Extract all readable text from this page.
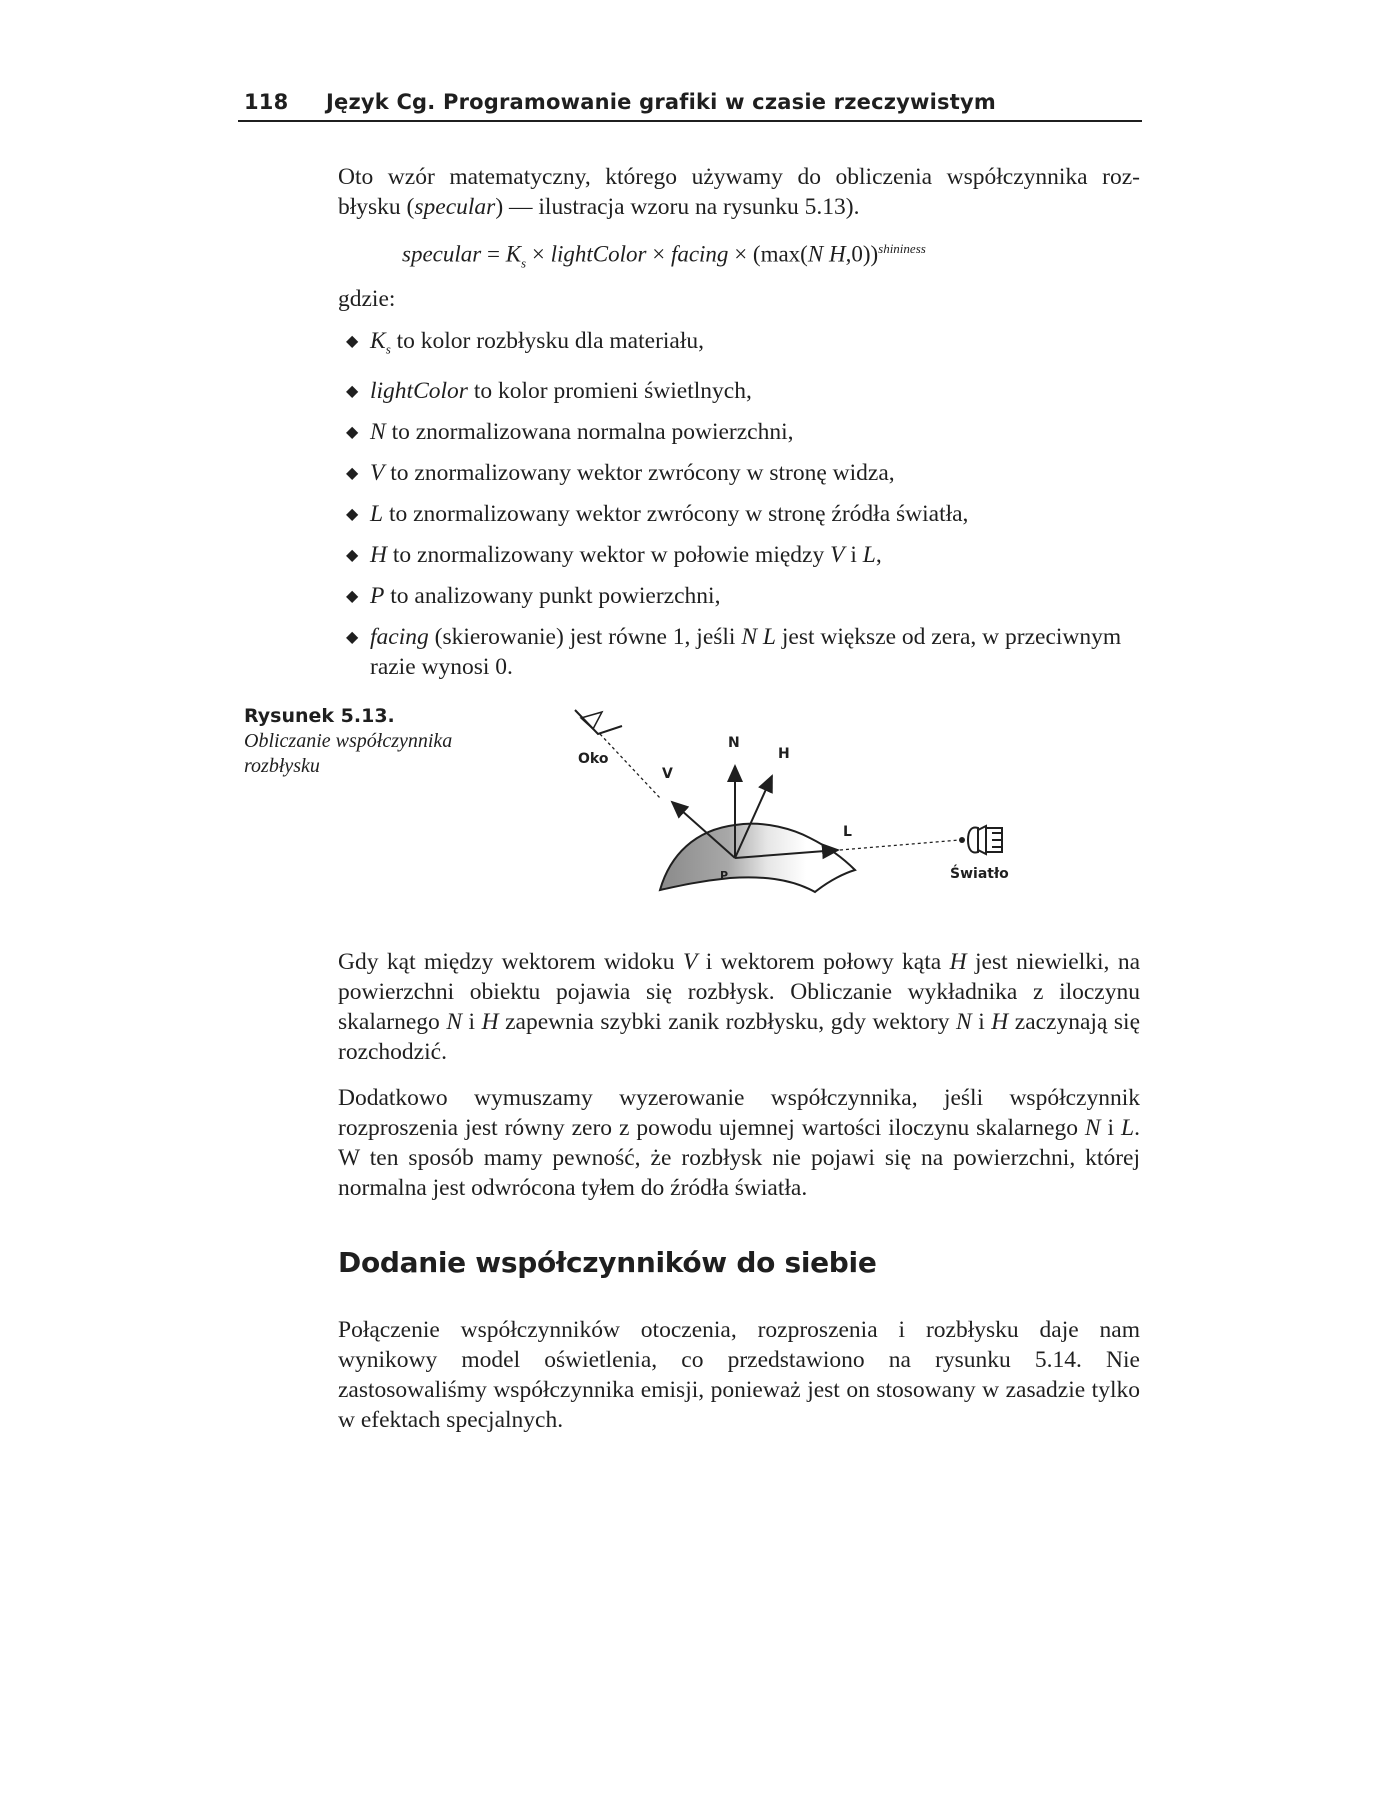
118 Język Cg. Programowanie grafiki w czasie rzeczywistym
Oto wzór matematyczny, którego używamy do obliczenia współczynnika roz-
błysku (specular) — ilustracja wzoru na rysunku 5.13).
specular = $K_s$ × lightColor × facing × (max(N H,0))$^{shininess}$
gdzie:
◆ $K_s$ to kolor rozbłysku dla materiału,
◆ lightColor to kolor promieni świetlnych,
◆ N to znormalizowana normalna powierzchni,
◆ V to znormalizowany wektor zwrócony w stronę widza,
◆ L to znormalizowany wektor zwrócony w stronę źródła światła,
◆ H to znormalizowany wektor w połowie między V i L,
◆ P to analizowany punkt powierzchni,
◆ facing (skierowanie) jest równe 1, jeśli N L jest większe od zera, w przeciwnym razie wynosi 0.
Rysunek 5.13.
Obliczanie współczynnika rozbłysku	Oko
V
N
H
L
P	Światło
Gdy kąt między wektorem widoku V i wektorem połowy kąta H jest niewielki, na powierzchni obiektu pojawia się rozbłysk. Obliczanie wykładnika z iloczynu skalarnego N i H zapewnia szybki zanik rozbłysku, gdy wektory N i H zaczynają się rozchodzić.
Dodatkowo wymuszamy wyzerowanie współczynnika, jeśli współczynnik rozproszenia jest równy zero z powodu ujemnej wartości iloczynu skalarnego N i L. W ten sposób mamy pewność, że rozbłysk nie pojawi się na powierzchni, której normalna jest odwrócona tyłem do źródła światła.
Dodanie współczynników do siebie
Połączenie współczynników otoczenia, rozproszenia i rozbłysku daje nam wynikowy model oświetlenia, co przedstawiono na rysunku 5.14. Nie zastosowaliśmy współczynnika emisji, ponieważ jest on stosowany w zasadzie tylko w efektach specjalnych.
